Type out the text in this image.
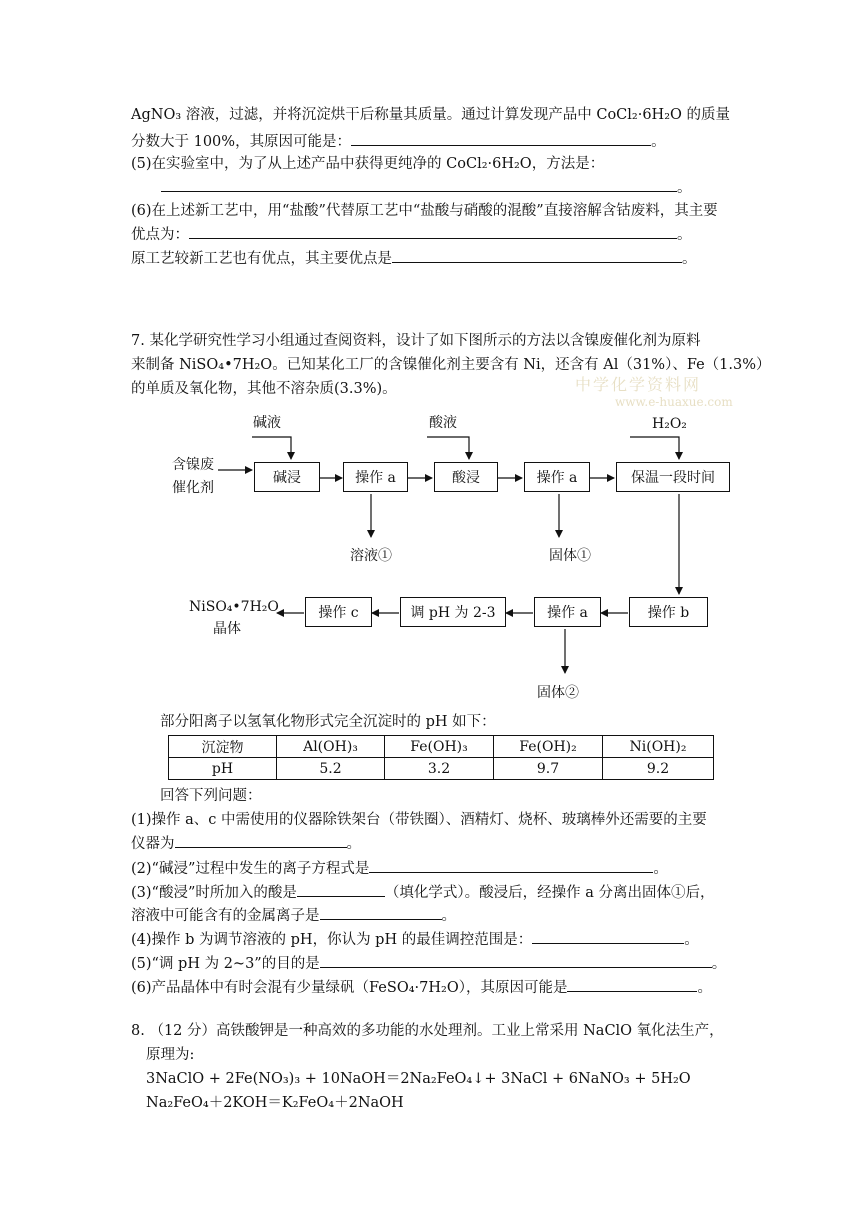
中学化学资料网
www.e-huaxue.com
AgNO₃ 溶液，过滤，并将沉淀烘干后称量其质量。通过计算发现产品中 CoCl₂·6H₂O 的质量
分数大于 100%，其原因可能是：	。
(5)在实验室中，为了从上述产品中获得更纯净的 CoCl₂·6H₂O，方法是：
。
(6)在上述新工艺中，用“盐酸”代替原工艺中“盐酸与硝酸的混酸”直接溶解含钴废料，其主要
优点为：	。
原工艺较新工艺也有优点，其主要优点是	。
7. 某化学研究性学习小组通过查阅资料，设计了如下图所示的方法以含镍废催化剂为原料
来制备 NiSO₄•7H₂O。已知某化工厂的含镍催化剂主要含有 Ni，还含有 Al（31%）、Fe（1.3%）
的单质及氧化物，其他不溶杂质(3.3%)。
碱液	酸液	H₂O₂
含镍废
催化剂
碱浸	操作 a	酸浸	操作 a	保温一段时间
溶液①	固体①
操作 b
操作 a
调 pH 为 2-3
操作 c
NiSO₄•7H₂O
晶体
固体②
部分阳离子以氢氧化物形式完全沉淀时的 pH 如下：
沉淀物	Al(OH)₃	Fe(OH)₃	Fe(OH)₂	Ni(OH)₂
pH	5.2	3.2	9.7	9.2
回答下列问题：
(1)操作 a、c 中需使用的仪器除铁架台（带铁圈）、酒精灯、烧杯、玻璃棒外还需要的主要
仪器为	。
(2)“碱浸”过程中发生的离子方程式是	。
(3)“酸浸”时所加入的酸是	（填化学式）。酸浸后，经操作 a 分离出固体①后，
溶液中可能含有的金属离子是	。
(4)操作 b 为调节溶液的 pH，你认为 pH 的最佳调控范围是：	。
(5)“调 pH 为 2~3”的目的是	。
(6)产品晶体中有时会混有少量绿矾（FeSO₄·7H₂O），其原因可能是	。
8. （12 分）高铁酸钾是一种高效的多功能的水处理剂。工业上常采用 NaClO 氧化法生产，
原理为:
3NaClO + 2Fe(NO₃)₃ + 10NaOH＝2Na₂FeO₄↓+ 3NaCl + 6NaNO₃ + 5H₂O
Na₂FeO₄＋2KOH＝K₂FeO₄＋2NaOH
